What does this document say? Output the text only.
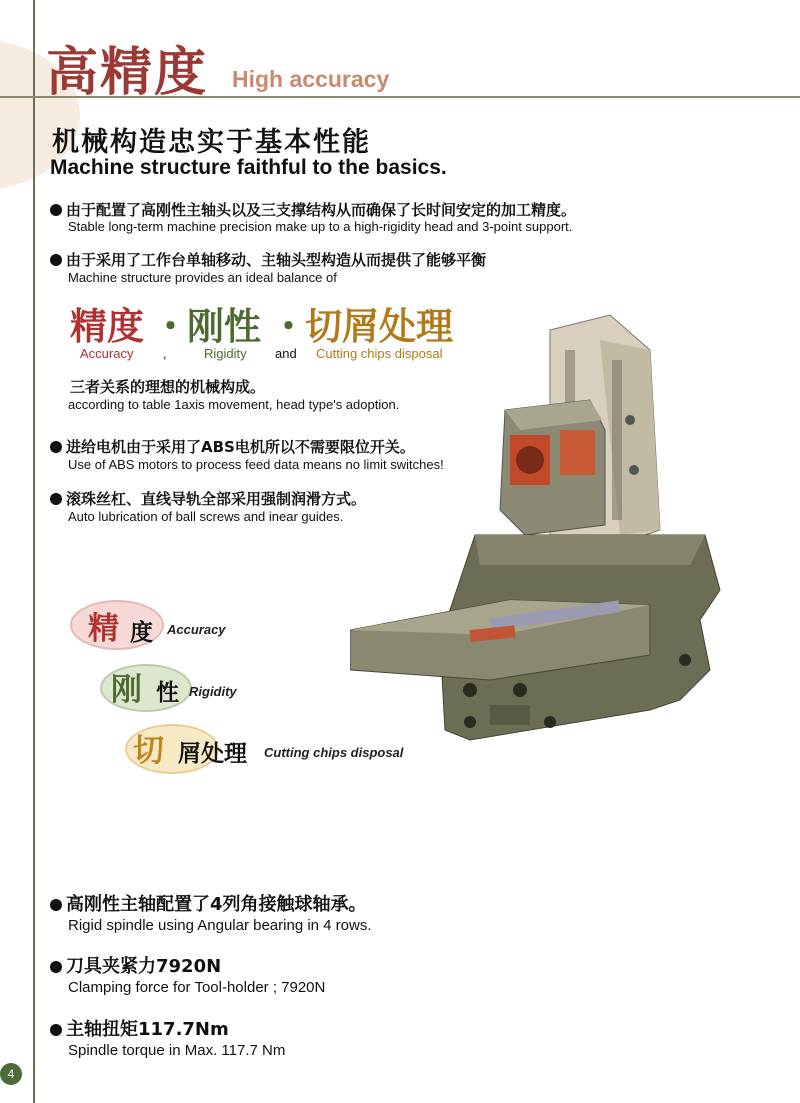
高精度 High accuracy
机械构造忠实于基本性能
Machine structure faithful to the basics.
由于配置了高刚性主轴头以及三支撑结构从而确保了长时间安定的加工精度。
Stable long-term machine precision make up to a high-rigidity head and 3-point support.
由于采用了工作台单轴移动、主轴头型构造从而提供了能够平衡
Machine structure provides an ideal balance of
精度 ・
刚性 ・
切屑处理
Accuracy ,	Rigidity and Cutting chips disposal
三者关系的理想的机械构成。
according to table 1axis movement, head type's adoption.
进给电机由于采用了ABS电机所以不需要限位开关。
Use of ABS motors to process feed data means no limit switches!
滚珠丝杠、直线导轨全部采用强制润滑方式。
Auto lubrication of ball screws and inear guides.
精 度 Accuracy
刚 性 Rigidity
切 屑处理 Cutting chips disposal
高刚性主轴配置了4列角接触球轴承。
Rigid spindle using Angular bearing in 4 rows.
刀具夹紧力7920N
Clamping force for Tool-holder ; 7920N
主轴扭矩117.7Nm
Spindle torque in Max. 117.7 Nm
4
